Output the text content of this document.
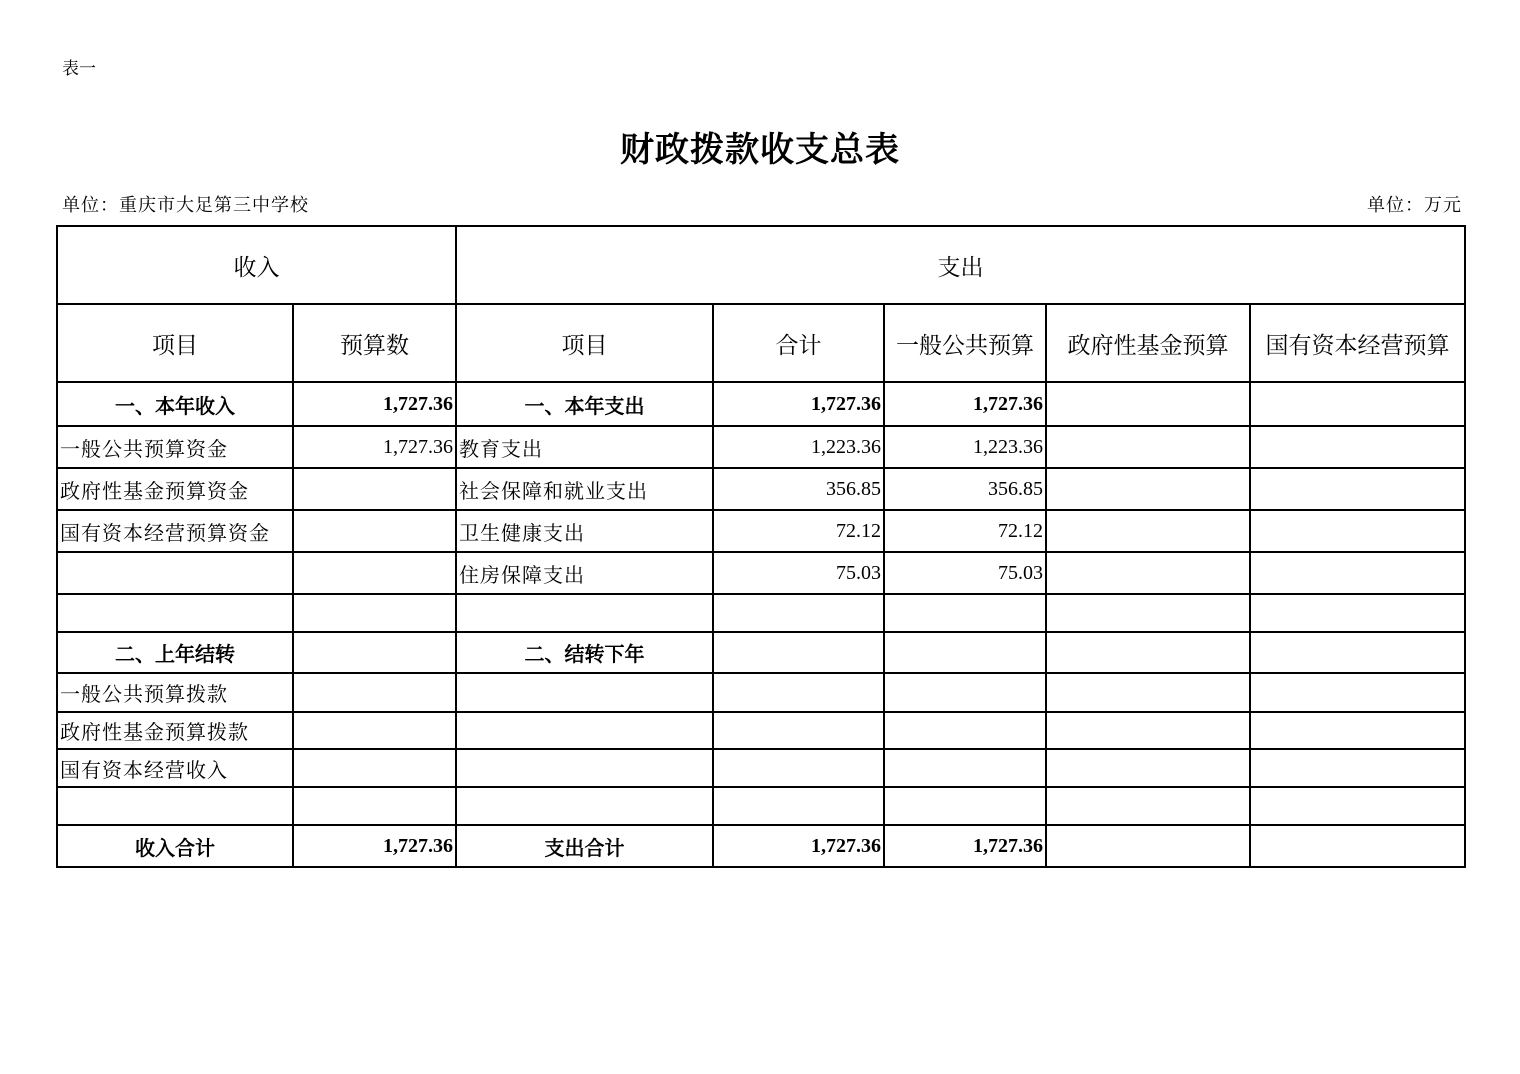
表一
财政拨款收支总表
单位：重庆市大足第三中学校	单位：万元
收入		支出				
项目	预算数	项目	合计	一般公共预算	政府性基金预算	国有资本经营预算
一、本年收入	1,727.36	一、本年支出	1,727.36	1,727.36		
一般公共预算资金	1,727.36	教育支出	1,223.36	1,223.36		
政府性基金预算资金		社会保障和就业支出	356.85	356.85		
国有资本经营预算资金		卫生健康支出	72.12	72.12		
		住房保障支出	75.03	75.03		

二、上年结转		二、结转下年				
一般公共预算拨款						
政府性基金预算拨款						
国有资本经营收入						

收入合计	1,727.36	支出合计	1,727.36	1,727.36		
